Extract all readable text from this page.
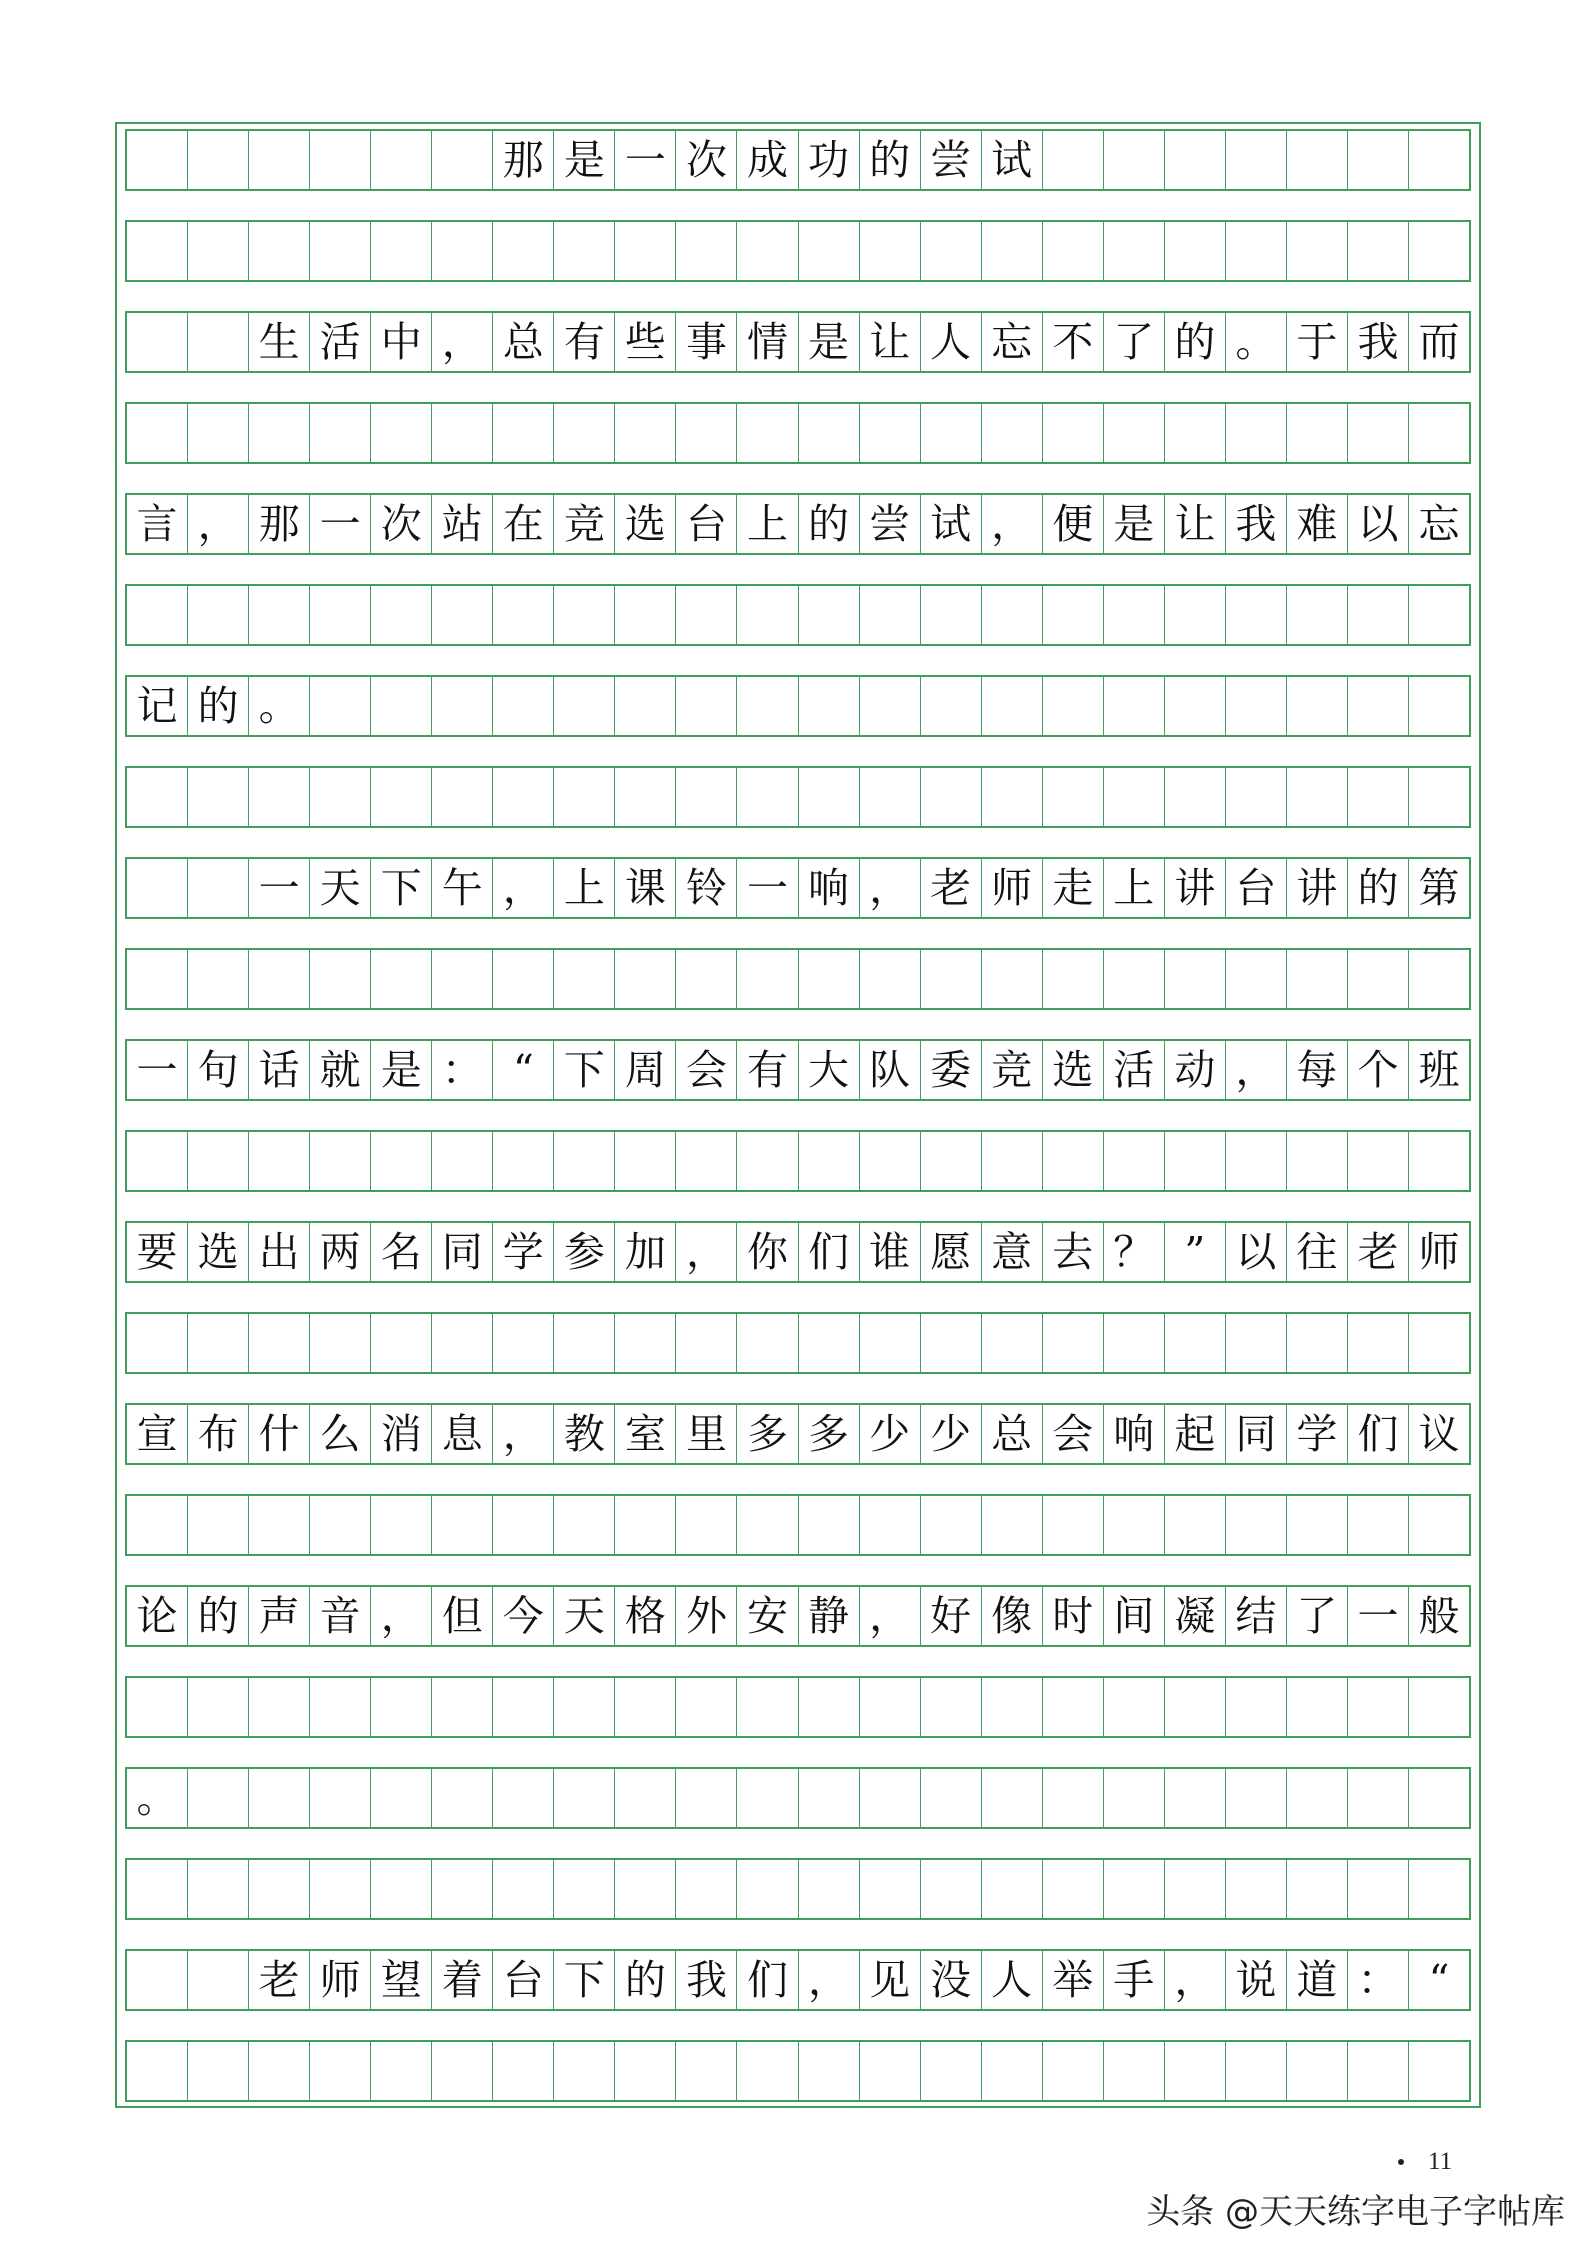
那 是 一 次 成 功 的 尝 试
生 活 中 ， 总 有 些 事 情 是 让 人 忘 不 了 的 。 于 我 而
言 ， 那 一 次 站 在 竞 选 台 上 的 尝 试 ， 便 是 让 我 难 以 忘
记 的 。
一 天 下 午 ， 上 课 铃 一 响 ， 老 师 走 上 讲 台 讲 的 第
一 句 话 就 是 ： “ 下 周 会 有 大 队 委 竞 选 活 动 ， 每 个 班
要 选 出 两 名 同 学 参 加 ， 你 们 谁 愿 意 去 ？ ” 以 往 老 师
宣 布 什 么 消 息 ， 教 室 里 多 多 少 少 总 会 响 起 同 学 们 议
论 的 声 音 ， 但 今 天 格 外 安 静 ， 好 像 时 间 凝 结 了 一 般
。
老 师 望 着 台 下 的 我 们 ， 见 没 人 举 手 ， 说 道 ： “
11
头条 @天天练字电子字帖库
